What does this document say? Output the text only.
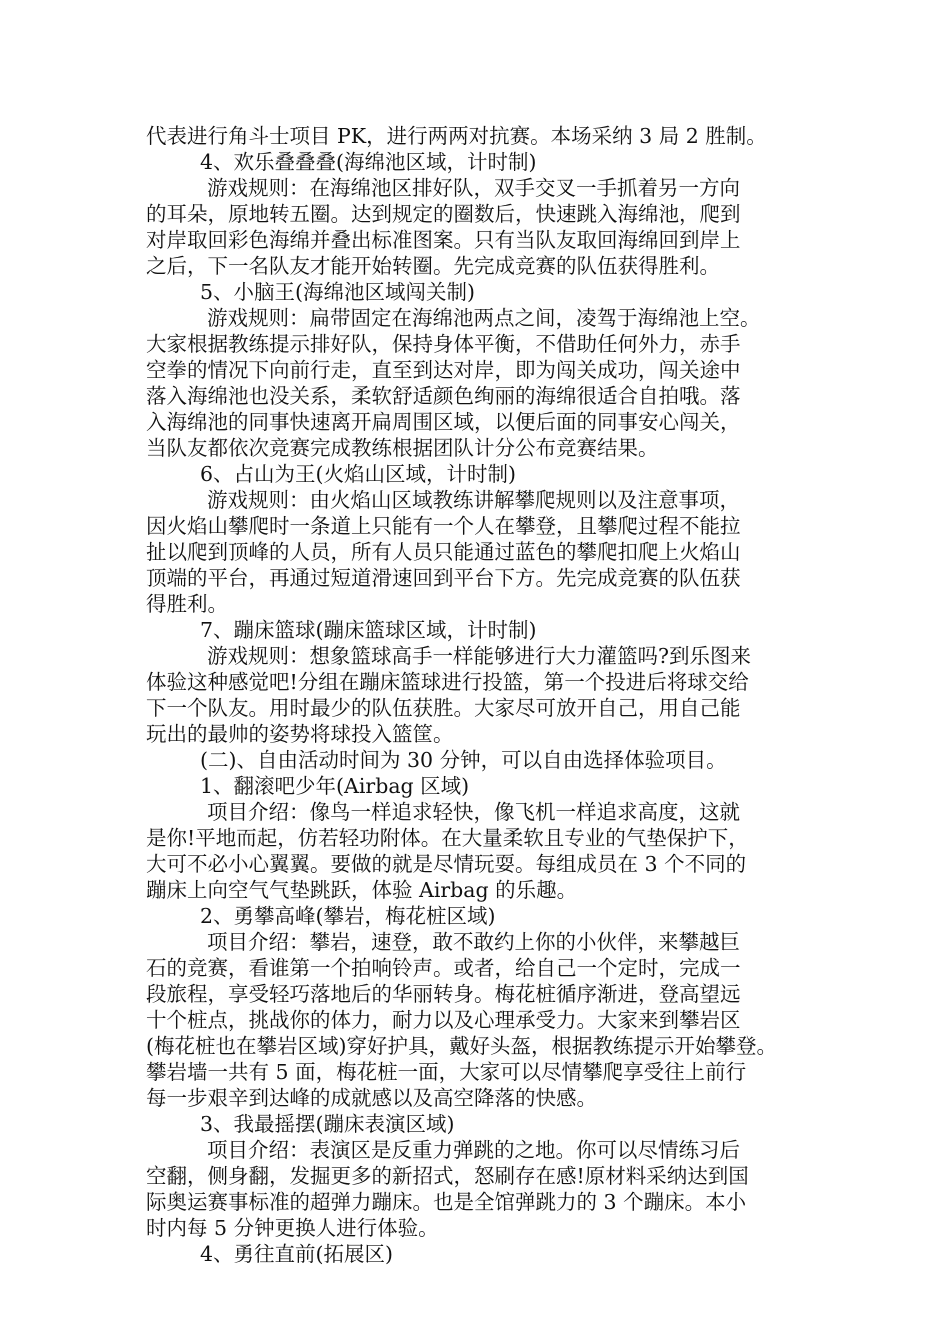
代表进行角斗士项目 PK，进行两两对抗赛。本场采纳 3 局 2 胜制。
4、欢乐叠叠叠(海绵池区域，计时制)
游戏规则：在海绵池区排好队，双手交叉一手抓着另一方向
的耳朵，原地转五圈。达到规定的圈数后，快速跳入海绵池，爬到
对岸取回彩色海绵并叠出标准图案。只有当队友取回海绵回到岸上
之后，下一名队友才能开始转圈。先完成竞赛的队伍获得胜利。
5、小脑王(海绵池区域闯关制)
游戏规则：扁带固定在海绵池两点之间，凌驾于海绵池上空。
大家根据教练提示排好队，保持身体平衡，不借助任何外力，赤手
空拳的情况下向前行走，直至到达对岸，即为闯关成功，闯关途中
落入海绵池也没关系，柔软舒适颜色绚丽的海绵很适合自拍哦。落
入海绵池的同事快速离开扁周围区域，以便后面的同事安心闯关，
当队友都依次竞赛完成教练根据团队计分公布竞赛结果。
6、占山为王(火焰山区域，计时制)
游戏规则：由火焰山区域教练讲解攀爬规则以及注意事项，
因火焰山攀爬时一条道上只能有一个人在攀登，且攀爬过程不能拉
扯以爬到顶峰的人员，所有人员只能通过蓝色的攀爬扣爬上火焰山
顶端的平台，再通过短道滑速回到平台下方。先完成竞赛的队伍获
得胜利。
7、蹦床篮球(蹦床篮球区域，计时制)
游戏规则：想象篮球高手一样能够进行大力灌篮吗?到乐图来
体验这种感觉吧!分组在蹦床篮球进行投篮，第一个投进后将球交给
下一个队友。用时最少的队伍获胜。大家尽可放开自己，用自己能
玩出的最帅的姿势将球投入篮筐。
(二)、自由活动时间为 30 分钟，可以自由选择体验项目。
1、翻滚吧少年(Airbag 区域)
项目介绍：像鸟一样追求轻快，像飞机一样追求高度，这就
是你!平地而起，仿若轻功附体。在大量柔软且专业的气垫保护下，
大可不必小心翼翼。要做的就是尽情玩耍。每组成员在 3 个不同的
蹦床上向空气气垫跳跃，体验 Airbag 的乐趣。
2、勇攀高峰(攀岩，梅花桩区域)
项目介绍：攀岩，速登，敢不敢约上你的小伙伴，来攀越巨
石的竞赛，看谁第一个拍响铃声。或者，给自己一个定时，完成一
段旅程，享受轻巧落地后的华丽转身。梅花桩循序渐进，登高望远
十个桩点，挑战你的体力，耐力以及心理承受力。大家来到攀岩区
(梅花桩也在攀岩区域)穿好护具，戴好头盔，根据教练提示开始攀登。
攀岩墙一共有 5 面，梅花桩一面，大家可以尽情攀爬享受往上前行
每一步艰辛到达峰的成就感以及高空降落的快感。
3、我最摇摆(蹦床表演区域)
项目介绍：表演区是反重力弹跳的之地。你可以尽情练习后
空翻，侧身翻，发掘更多的新招式，怒刷存在感!原材料采纳达到国
际奥运赛事标准的超弹力蹦床。也是全馆弹跳力的 3 个蹦床。本小
时内每 5 分钟更换人进行体验。
4、勇往直前(拓展区)
